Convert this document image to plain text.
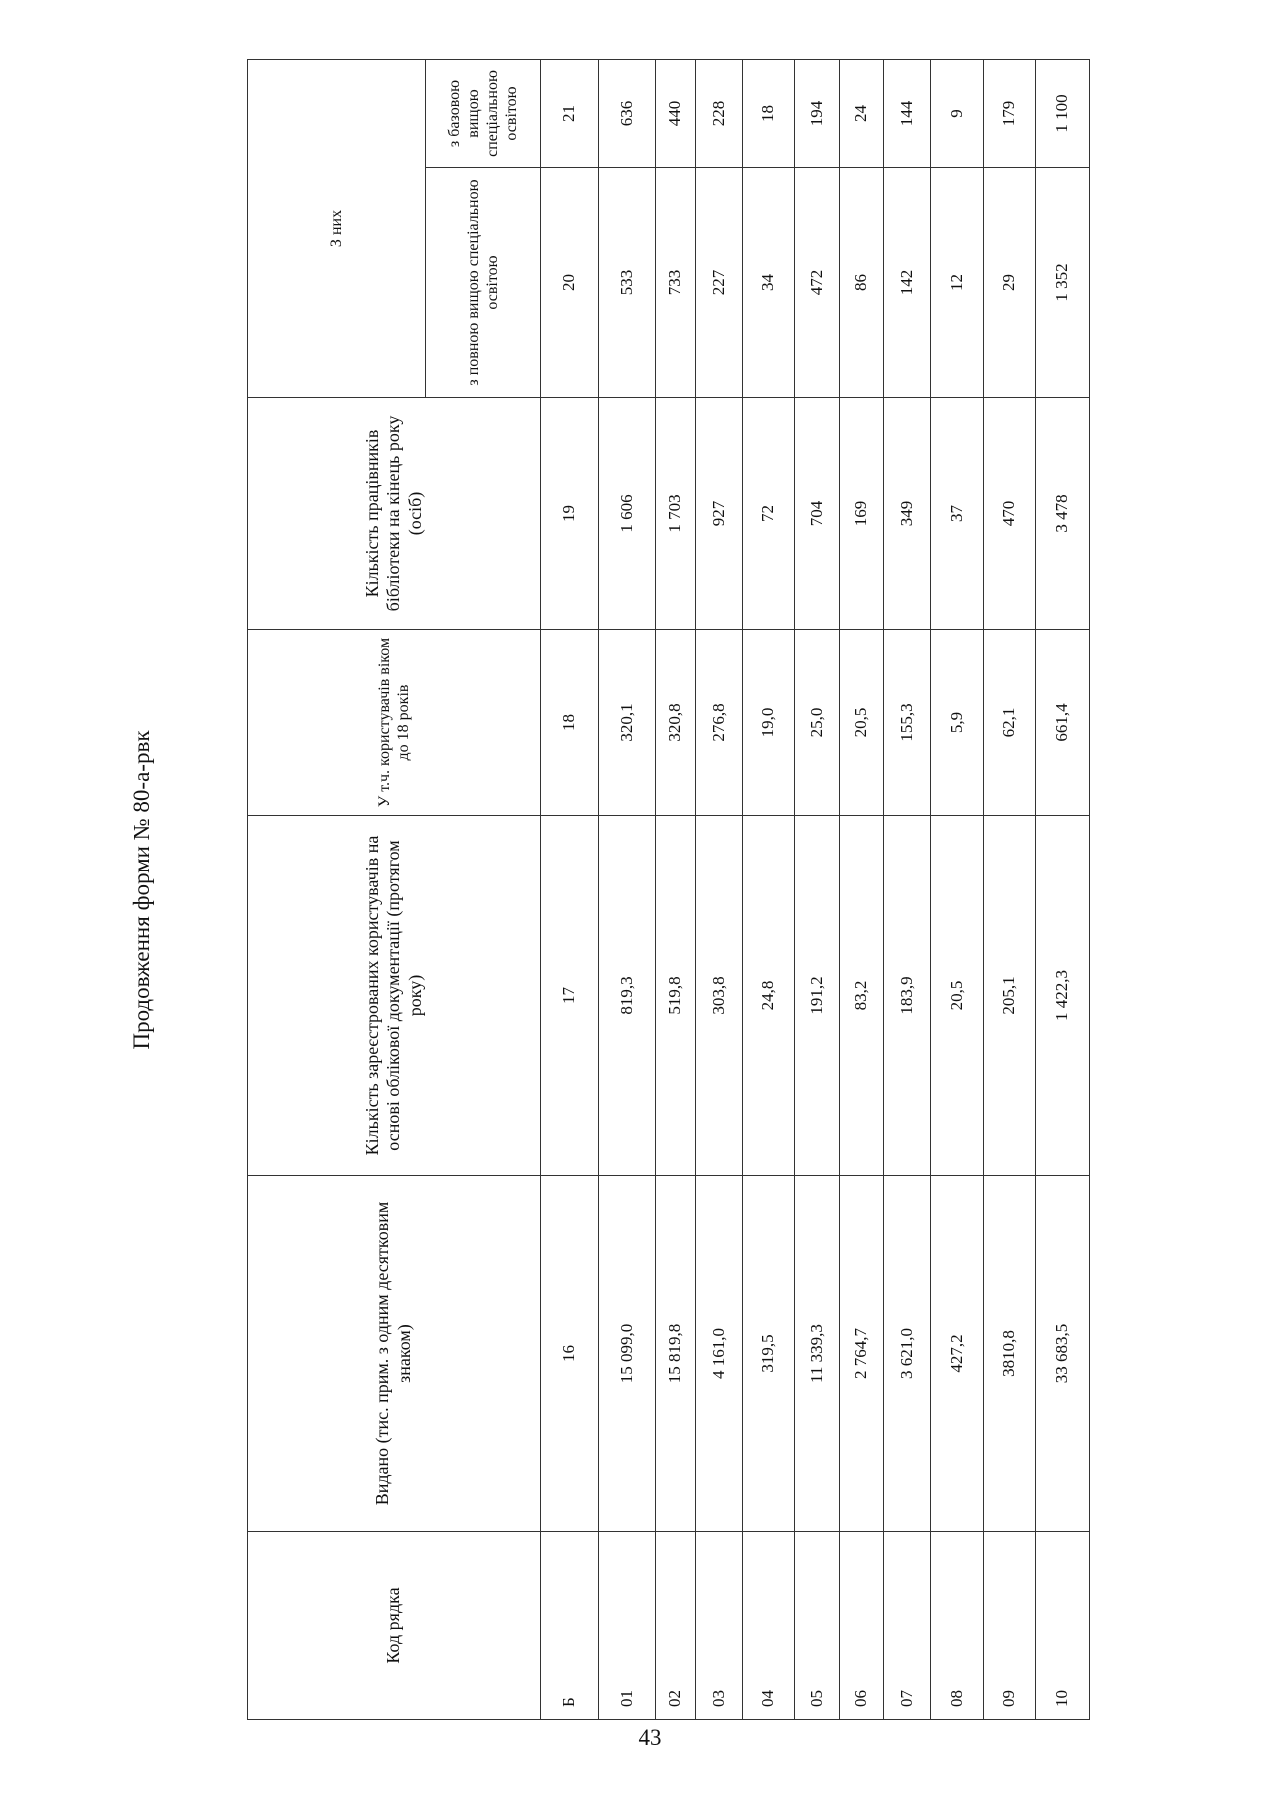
Продовження форми № 80-а-рвк
Код рядка	Видано (тис. прим. з одним десятковим знаком)	Кількість зареєстрованих користувачів на основі облікової документації (протягом року)	У т.ч. користувачів віком до 18 років	Кількість працівників бібліотеки на кінець року (осіб)	З них	
					з повною вищою спеціальною освітою	з базовою вищою спеціальною освітою
Б	16	17	18	19	20	21
01	15 099,0	819,3	320,1	1 606	533	636
02	15 819,8	519,8	320,8	1 703	733	440
03	4 161,0	303,8	276,8	927	227	228
04	319,5	24,8	19,0	72	34	18
05	11 339,3	191,2	25,0	704	472	194
06	2 764,7	83,2	20,5	169	86	24
07	3 621,0	183,9	155,3	349	142	144
08	427,2	20,5	5,9	37	12	9
09	3810,8	205,1	62,1	470	29	179
10	33 683,5	1 422,3	661,4	3 478	1 352	1 100
43
